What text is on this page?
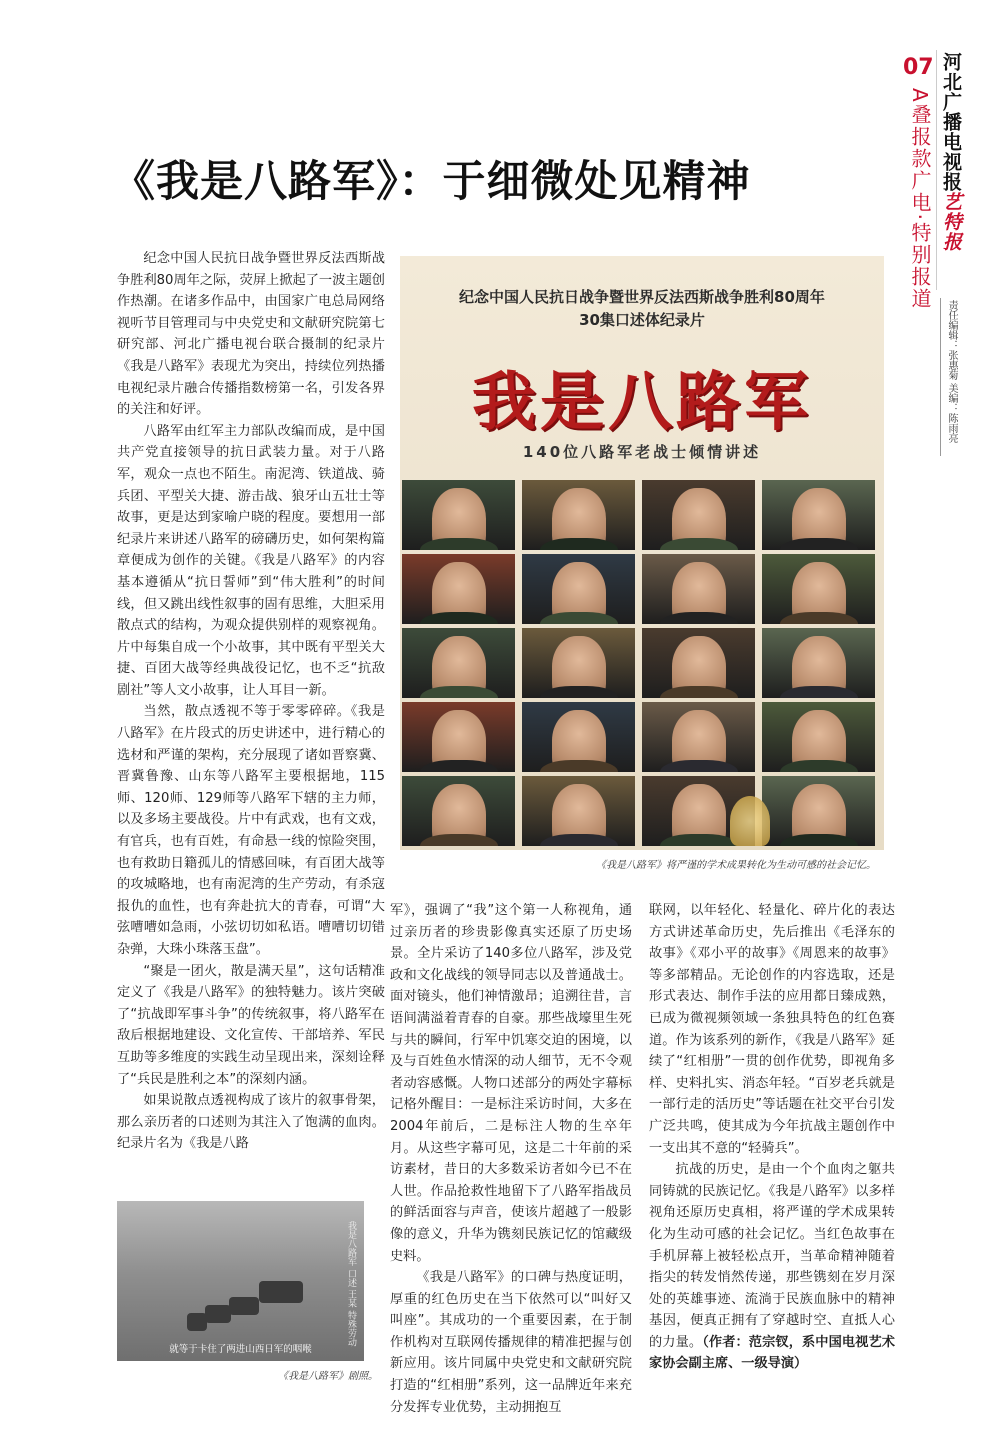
07 河北广播电视报艺特报
A叠报款广电·特别报道
责任编辑：张惠菊 美编：陈雨亮
《我是八路军》：于细微处见精神

纪念中国人民抗日战争暨世界反法西斯战争胜利80周年之际，荧屏上掀起了一波主题创作热潮。在诸多作品中，由国家广电总局网络视听节目管理司与中央党史和文献研究院第七研究部、河北广播电视台联合摄制的纪录片《我是八路军》表现尤为突出，持续位列热播电视纪录片融合传播指数榜第一名，引发各界的关注和好评。

八路军由红军主力部队改编而成，是中国共产党直接领导的抗日武装力量。对于八路军，观众一点也不陌生。南泥湾、铁道战、骑兵团、平型关大捷、游击战、狼牙山五壮士等故事，更是达到家喻户晓的程度。要想用一部纪录片来讲述八路军的磅礴历史，如何架构篇章便成为创作的关键。《我是八路军》的内容基本遵循从“抗日誓师”到“伟大胜利”的时间线，但又跳出线性叙事的固有思维，大胆采用散点式的结构，为观众提供别样的观察视角。片中每集自成一个小故事，其中既有平型关大捷、百团大战等经典战役记忆，也不乏“抗敌剧社”等人文小故事，让人耳目一新。

当然，散点透视不等于零零碎碎。《我是八路军》在片段式的历史讲述中，进行精心的选材和严谨的架构，充分展现了诸如晋察冀、晋冀鲁豫、山东等八路军主要根据地，115师、120师、129师等八路军下辖的主力师，以及多场主要战役。片中有武戏，也有文戏，有官兵，也有百姓，有命悬一线的惊险突围，也有救助日籍孤儿的情感回味，有百团大战等的攻城略地，也有南泥湾的生产劳动，有杀寇报仇的血性，也有奔赴抗大的青春，可谓“大弦嘈嘈如急雨，小弦切切如私语。嘈嘈切切错杂弹，大珠小珠落玉盘”。

“聚是一团火，散是满天星”，这句话精准定义了《我是八路军》的独特魅力。该片突破了“抗战即军事斗争”的传统叙事，将八路军在敌后根据地建设、文化宣传、干部培养、军民互助等多维度的实践生动呈现出来，深刻诠释了“兵民是胜利之本”的深刻内涵。

如果说散点透视构成了该片的叙事骨架，那么亲历者的口述则为其注入了饱满的血肉。纪录片名为《我是八路

纪念中国人民抗日战争暨世界反法西斯战争胜利80周年
30集口述体纪录片
我是八路军
140位八路军老战士倾情讲述
《我是八路军》将严谨的学术成果转化为生动可感的社会记忆。
我是八路军 口述 王某 特殊劳动
就等于卡住了两进山西日军的咽喉
《我是八路军》剧照。

军》，强调了“我”这个第一人称视角，通过亲历者的珍贵影像真实还原了历史场景。全片采访了140多位八路军，涉及党政和文化战线的领导同志以及普通战士。面对镜头，他们神情激昂；追溯往昔，言语间满溢着青春的自豪。那些战壕里生死与共的瞬间，行军中饥寒交迫的困境，以及与百姓鱼水情深的动人细节，无不令观者动容感慨。人物口述部分的两处字幕标记格外醒目：一是标注采访时间，大多在2004年前后，二是标注人物的生卒年月。从这些字幕可见，这是二十年前的采访素材，昔日的大多数采访者如今已不在人世。作品抢救性地留下了八路军指战员的鲜活面容与声音，使该片超越了一般影像的意义，升华为镌刻民族记忆的馆藏级史料。

《我是八路军》的口碑与热度证明，厚重的红色历史在当下依然可以“叫好又叫座”。其成功的一个重要因素，在于制作机构对互联网传播规律的精准把握与创新应用。该片同属中央党史和文献研究院打造的“红相册”系列，这一品牌近年来充分发挥专业优势，主动拥抱互

联网，以年轻化、轻量化、碎片化的表达方式讲述革命历史，先后推出《毛泽东的故事》《邓小平的故事》《周恩来的故事》等多部精品。无论创作的内容选取，还是形式表达、制作手法的应用都日臻成熟，已成为微视频领域一条独具特色的红色赛道。作为该系列的新作，《我是八路军》延续了“红相册”一贯的创作优势，即视角多样、史料扎实、消态年轻。“百岁老兵就是一部行走的活历史”等话题在社交平台引发广泛共鸣，使其成为今年抗战主题创作中一支出其不意的“轻骑兵”。

抗战的历史，是由一个个血肉之躯共同铸就的民族记忆。《我是八路军》以多样视角还原历史真相，将严谨的学术成果转化为生动可感的社会记忆。当红色故事在手机屏幕上被轻松点开，当革命精神随着指尖的转发悄然传递，那些镌刻在岁月深处的英雄事迹、流淌于民族血脉中的精神基因，便真正拥有了穿越时空、直抵人心的力量。（作者：范宗钗，系中国电视艺术家协会副主席、一级导演）
